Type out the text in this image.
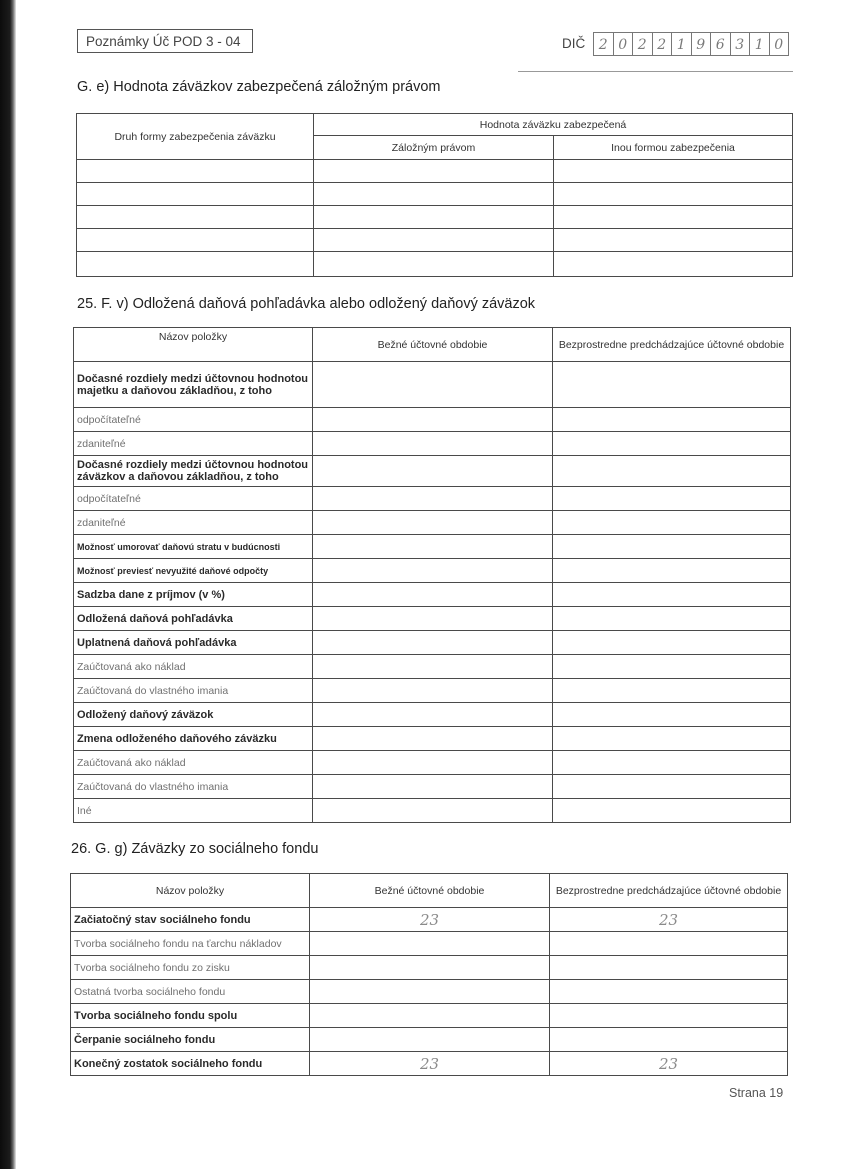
Poznámky Úč POD 3 - 04	DIČ 2 0 2 2 1 9 6 3 1 0
G. e) Hodnota záväzkov zabezpečená záložným právom
Druh formy zabezpečenia záväzku	Hodnota záväzku zabezpečená	
	Záložným právom	Inou formou zabezpečenia

25. F. v) Odložená daňová pohľadávka alebo odložený daňový záväzok
Názov položky	Bežné účtovné obdobie	Bezprostredne predchádzajúce účtovné obdobie
Dočasné rozdiely medzi účtovnou hodnotou majetku a daňovou základňou, z toho		
odpočítateľné		
zdaniteľné		
Dočasné rozdiely medzi účtovnou hodnotou záväzkov a daňovou základňou, z toho		
odpočítateľné		
zdaniteľné		
Možnosť umorovať daňovú stratu v budúcnosti		
Možnosť previesť nevyužité daňové odpočty		
Sadzba dane z príjmov (v %)		
Odložená daňová pohľadávka		
Uplatnená daňová pohľadávka		
Zaúčtovaná ako náklad		
Zaúčtovaná do vlastného imania		
Odložený daňový záväzok		
Zmena odloženého daňového záväzku		
Zaúčtovaná ako náklad		
Zaúčtovaná do vlastného imania		
Iné		
26. G. g) Záväzky zo sociálneho fondu
Názov položky	Bežné účtovné obdobie	Bezprostredne predchádzajúce účtovné obdobie
Začiatočný stav sociálneho fondu	23	23
Tvorba sociálneho fondu na ťarchu nákladov		
Tvorba sociálneho fondu zo zisku		
Ostatná tvorba sociálneho fondu		
Tvorba sociálneho fondu spolu		
Čerpanie sociálneho fondu		
Konečný zostatok sociálneho fondu	23	23
Strana 19
